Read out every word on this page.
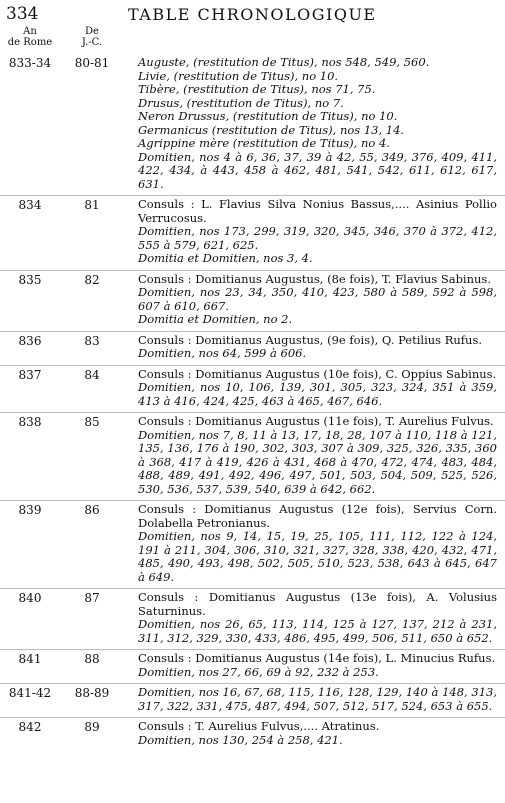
334	TABLE CHRONOLOGIQUE
An
de Rome
De
J.-C.
833-34	80-81 Auguste, (restitution de Titus), nos 548, 549, 560.

Livie, (restitution de Titus), no 10.

Tibère, (restitution de Titus), nos 71, 75.

Drusus, (restitution de Titus), no 7.

Neron Drussus, (restitution de Titus), no 10.

Germanicus (restitution de Titus), nos 13, 14.

Agrippine mère (restitution de Titus), no 4.

Domitien, nos 4 à 6, 36, 37, 39 à 42, 55, 349, 376, 409, 411, 422, 434, à 443, 458 à 462, 481, 541, 542, 611, 612, 617, 631.

834	81	Consuls : L. Flavius Silva Nonius Bassus,.... Asinius Pollio Verrucosus.

Domitien, nos 173, 299, 319, 320, 345, 346, 370 à 372, 412, 555 à 579, 621, 625.

Domitia et Domitien, nos 3, 4.

835	82	Consuls : Domitianus Augustus, (8e fois), T. Flavius Sabinus.

Domitien, nos 23, 34, 350, 410, 423, 580 à 589, 592 à 598, 607 à 610, 667.

Domitia et Domitien, no 2.

836	83	Consuls : Domitianus Augustus, (9e fois), Q. Petilius Rufus.

Domitien, nos 64, 599 à 606.

837	84	Consuls : Domitianus Augustus (10e fois), C. Oppius Sabinus.

Domitien, nos 10, 106, 139, 301, 305, 323, 324, 351 à 359, 413 à 416, 424, 425, 463 à 465, 467, 646.

838	85	Consuls : Domitianus Augustus (11e fois), T. Aurelius Fulvus.

Domitien, nos 7, 8, 11 à 13, 17, 18, 28, 107 à 110, 118 à 121, 135, 136, 176 à 190, 302, 303, 307 à 309, 325, 326, 335, 360 à 368, 417 à 419, 426 à 431, 468 à 470, 472, 474, 483, 484, 488, 489, 491, 492, 496, 497, 501, 503, 504, 509, 525, 526, 530, 536, 537, 539, 540, 639 à 642, 662.

839	86	Consuls : Domitianus Augustus (12e fois), Servius Corn. Dolabella Petronianus.

Domitien, nos 9, 14, 15, 19, 25, 105, 111, 112, 122 à 124, 191 à 211, 304, 306, 310, 321, 327, 328, 338, 420, 432, 471, 485, 490, 493, 498, 502, 505, 510, 523, 538, 643 à 645, 647 à 649.

840	87	Consuls : Domitianus Augustus (13e fois), A. Volusius Saturninus.

Domitien, nos 26, 65, 113, 114, 125 à 127, 137, 212 à 231, 311, 312, 329, 330, 433, 486, 495, 499, 506, 511, 650 à 652.

841	88	Consuls : Domitianus Augustus (14e fois), L. Minucius Rufus.

Domitien, nos 27, 66, 69 à 92, 232 à 253.

841-42	88-89 Domitien, nos 16, 67, 68, 115, 116, 128, 129, 140 à 148, 313, 317, 322, 331, 475, 487, 494, 507, 512, 517, 524, 653 à 655.

842	89	Consuls : T. Aurelius Fulvus,.... Atratinus.

Domitien, nos 130, 254 à 258, 421.
